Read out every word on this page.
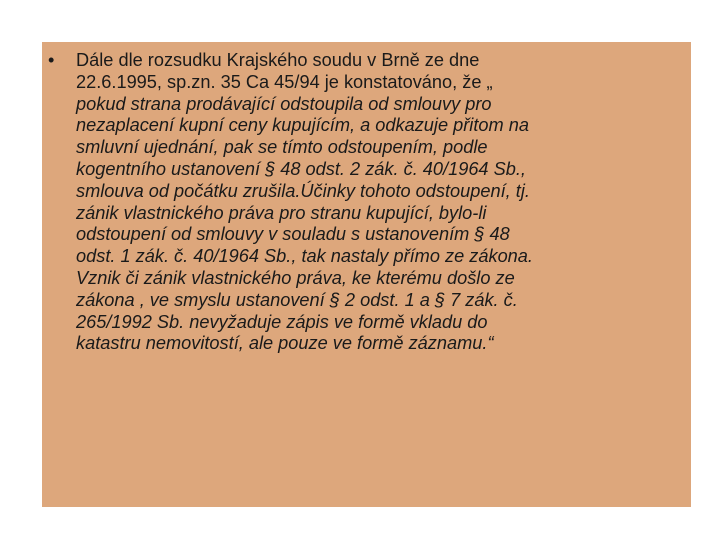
•	Dále dle rozsudku Krajského soudu v Brně ze dne
22.6.1995, sp.zn. 35 Ca 45/94 je konstatováno, že „
pokud strana prodávající odstoupila od smlouvy pro
nezaplacení kupní ceny kupujícím, a odkazuje přitom na
smluvní ujednání, pak se tímto odstoupením, podle
kogentního ustanovení § 48 odst. 2 zák. č. 40/1964 Sb.,
smlouva od počátku zrušila.Účinky tohoto odstoupení, tj.
zánik vlastnického práva pro stranu kupující, bylo-li
odstoupení od smlouvy v souladu s ustanovením § 48
odst. 1 zák. č. 40/1964 Sb., tak nastaly přímo ze zákona.
Vznik či zánik vlastnického práva, ke kterému došlo ze
zákona , ve smyslu ustanovení § 2 odst. 1 a § 7 zák. č.
265/1992 Sb. nevyžaduje zápis ve formě vkladu do
katastru nemovitostí, ale pouze ve formě záznamu.“
